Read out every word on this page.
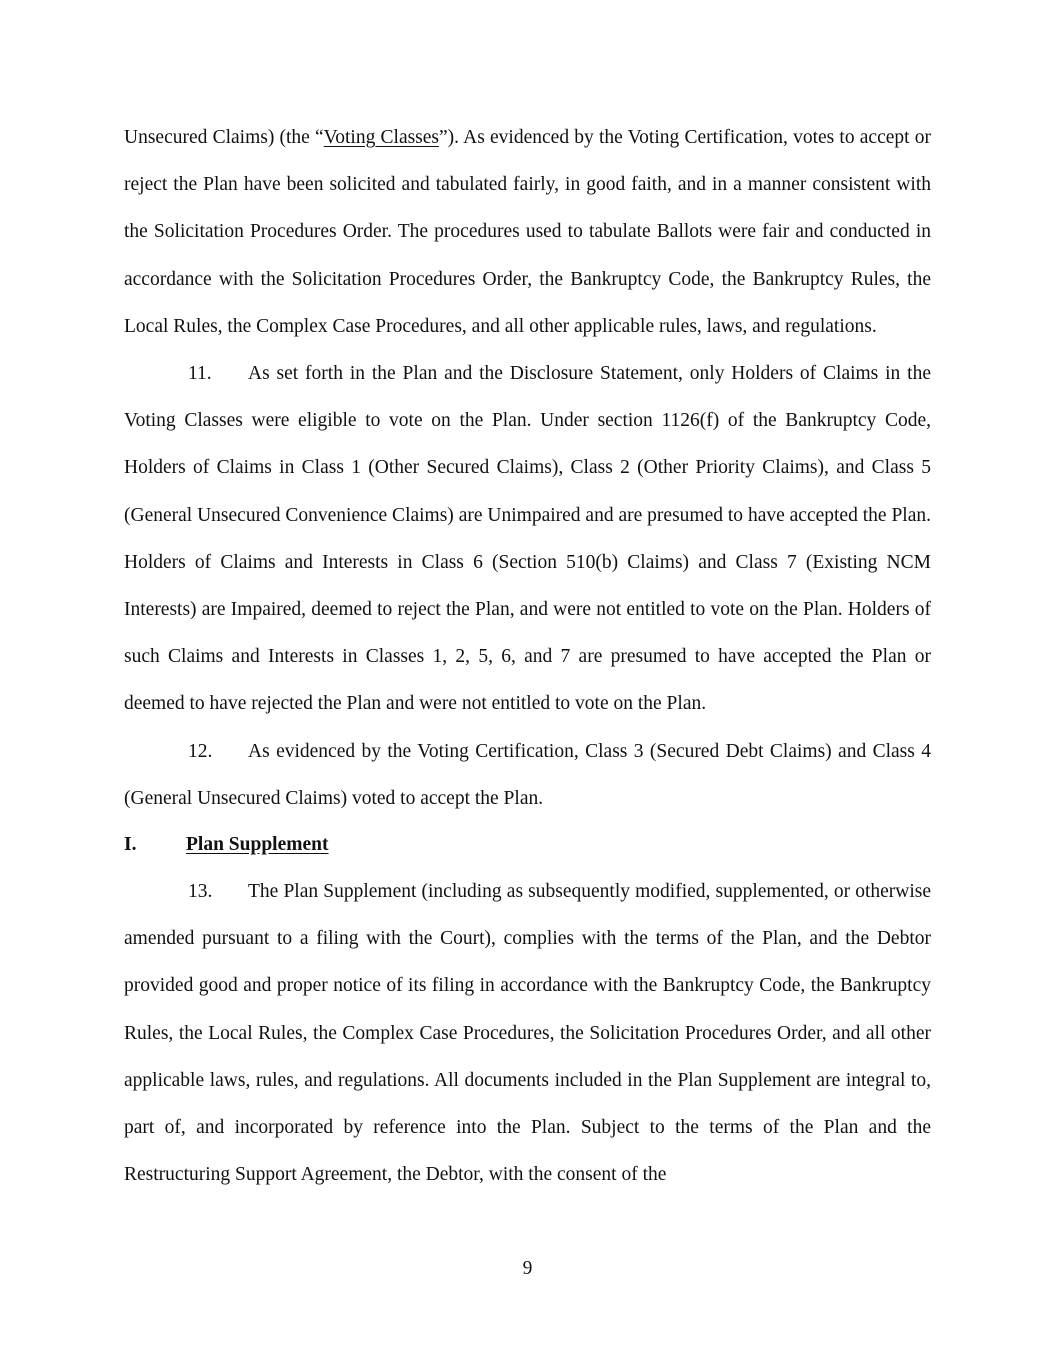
Unsecured Claims) (the “Voting Classes”). As evidenced by the Voting Certification, votes to accept or reject the Plan have been solicited and tabulated fairly, in good faith, and in a manner consistent with the Solicitation Procedures Order. The procedures used to tabulate Ballots were fair and conducted in accordance with the Solicitation Procedures Order, the Bankruptcy Code, the Bankruptcy Rules, the Local Rules, the Complex Case Procedures, and all other applicable rules, laws, and regulations.

11. As set forth in the Plan and the Disclosure Statement, only Holders of Claims in the Voting Classes were eligible to vote on the Plan. Under section 1126(f) of the Bankruptcy Code, Holders of Claims in Class 1 (Other Secured Claims), Class 2 (Other Priority Claims), and Class 5 (General Unsecured Convenience Claims) are Unimpaired and are presumed to have accepted the Plan. Holders of Claims and Interests in Class 6 (Section 510(b) Claims) and Class 7 (Existing NCM Interests) are Impaired, deemed to reject the Plan, and were not entitled to vote on the Plan. Holders of such Claims and Interests in Classes 1, 2, 5, 6, and 7 are presumed to have accepted the Plan or deemed to have rejected the Plan and were not entitled to vote on the Plan.

12. As evidenced by the Voting Certification, Class 3 (Secured Debt Claims) and Class 4 (General Unsecured Claims) voted to accept the Plan.

I.	Plan Supplement

13. The Plan Supplement (including as subsequently modified, supplemented, or otherwise amended pursuant to a filing with the Court), complies with the terms of the Plan, and the Debtor provided good and proper notice of its filing in accordance with the Bankruptcy Code, the Bankruptcy Rules, the Local Rules, the Complex Case Procedures, the Solicitation Procedures Order, and all other applicable laws, rules, and regulations. All documents included in the Plan Supplement are integral to, part of, and incorporated by reference into the Plan. Subject to the terms of the Plan and the Restructuring Support Agreement, the Debtor, with the consent of the

9
